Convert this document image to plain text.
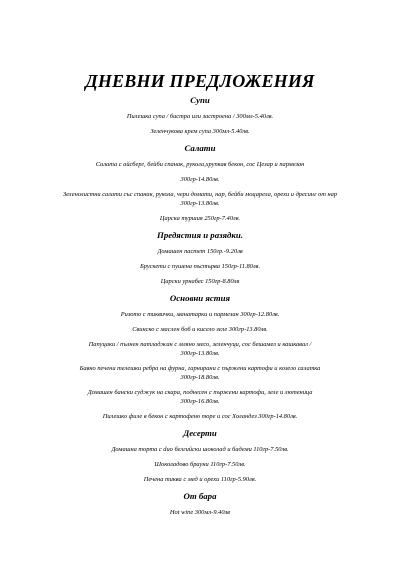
ДНЕВНИ ПРЕДЛОЖЕНИЯ
Супи
Пилешка супа / бистра или застроена / 300мл-5.40лв.
Зеленчукова крем супа 300мл-5.40лв.
Салати
Салата с айсберг, бейби спанак, рукола,хрупкав бекон, сос Цезар и пармезан
300гр-14.80лв.
Зеленолистни салати със спанак, рукола, чери домати, нар, бейби моцарела, орехи и дресинг от нар 300гр-13.80лв.
Царска туршия 250гр-7.40лв.
Предястия и разядки.
Домашен пастет 150гр.-9.20лв
Брускети с пушена пъстърва 150гр-11.80лв.
Царски урнабес 150гр-8.80лв
Основни ястия
Ризото с тиквички, манатарки и пармезан 300гр-12.80лв.
Свинско с маслен боб и кисело зеле 300гр-13.80лв.
Папуцаки / пълнен патладжан с мляно месо, зеленчуци, сос бешамел и кашкавал / 300гр-13.80лв.
Бавно печени телешки ребра на фурна, гарнирани с пържени картофи и козело салатка 300гр-18.80лв.
Домашен бански суджук на скара, поднесен с пържени картофи, зеле и лютеница 300гр-16.80лв.
Пилешко филе в бекон с картофено пюре и сос Холандез 300гр-14.80лв.
Десерти
Домашна торта с duo белгийски шоколад и бадеми 110гр-7.50лв.
Шоколадово брауни 110гр-7.50лв.
Печена тиква с мед и орехи 110гр-5.90лв.
От бара
Hot wine 300мл-9.40лв
